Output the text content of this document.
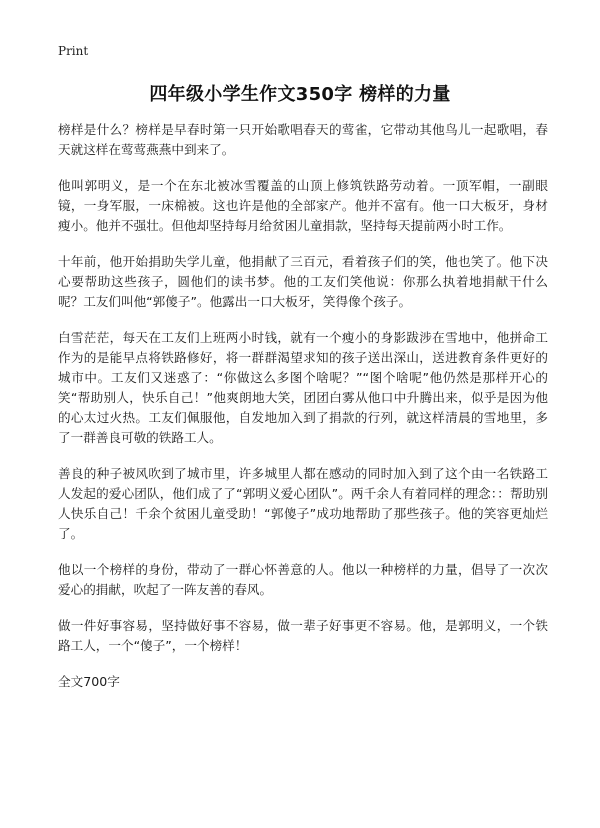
Print
四年级小学生作文350字 榜样的力量

榜样是什么？榜样是早春时第一只开始歌唱春天的莺雀，它带动其他鸟儿一起歌唱，春天就这样在莺莺燕燕中到来了。

他叫郭明义，是一个在东北被冰雪覆盖的山顶上修筑铁路劳动着。一顶军帽，一副眼镜，一身军服，一床棉被。这也许是他的全部家产。他并不富有。他一口大板牙，身材瘦小。他并不强壮。但他却坚持每月给贫困儿童捐款，坚持每天提前两小时工作。

十年前，他开始捐助失学儿童，他捐献了三百元，看着孩子们的笑，他也笑了。他下决心要帮助这些孩子，圆他们的读书梦。他的工友们笑他说：你那么执着地捐献干什么呢？工友们叫他“郭傻子”。他露出一口大板牙，笑得像个孩子。

白雪茫茫，每天在工友们上班两小时钱，就有一个瘦小的身影跋涉在雪地中，他拼命工作为的是能早点将铁路修好，将一群群渴望求知的孩子送出深山，送进教育条件更好的城市中。工友们又迷惑了：“你做这么多图个啥呢？”“图个啥呢”他仍然是那样开心的笑“帮助别人，快乐自己！”他爽朗地大笑，团团白雾从他口中升腾出来，似乎是因为他的心太过火热。工友们佩服他，自发地加入到了捐款的行列，就这样清晨的雪地里，多了一群善良可敬的铁路工人。

善良的种子被风吹到了城市里，许多城里人都在感动的同时加入到了这个由一名铁路工人发起的爱心团队，他们成了了“郭明义爱心团队”。两千余人有着同样的理念：：帮助别人快乐自己！千余个贫困儿童受助！“郭傻子”成功地帮助了那些孩子。他的笑容更灿烂了。

他以一个榜样的身份，带动了一群心怀善意的人。他以一种榜样的力量，倡导了一次次爱心的捐献，吹起了一阵友善的春风。

做一件好事容易，坚持做好事不容易，做一辈子好事更不容易。他，是郭明义，一个铁路工人，一个“傻子”，一个榜样！

全文700字
